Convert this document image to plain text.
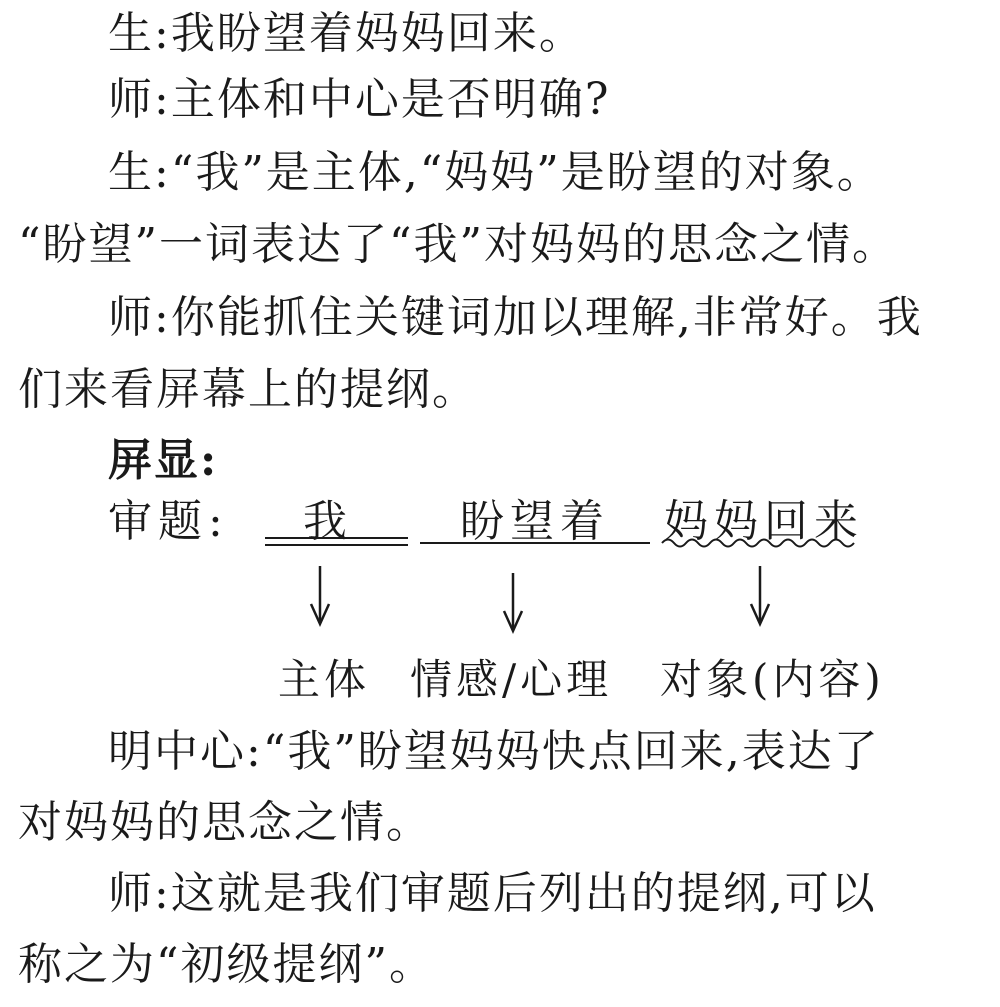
生:我盼望着妈妈回来。
师:主体和中心是否明确?
生:“我”是主体,“妈妈”是盼望的对象。
“盼望”一词表达了“我”对妈妈的思念之情。
师:你能抓住关键词加以理解,非常好。我
们来看屏幕上的提纲。
屏显:
审题: 我 盼望着 妈妈回来
主体 情感/心理 对象(内容)
明中心:“我”盼望妈妈快点回来,表达了
对妈妈的思念之情。
师:这就是我们审题后列出的提纲,可以
称之为“初级提纲”。
